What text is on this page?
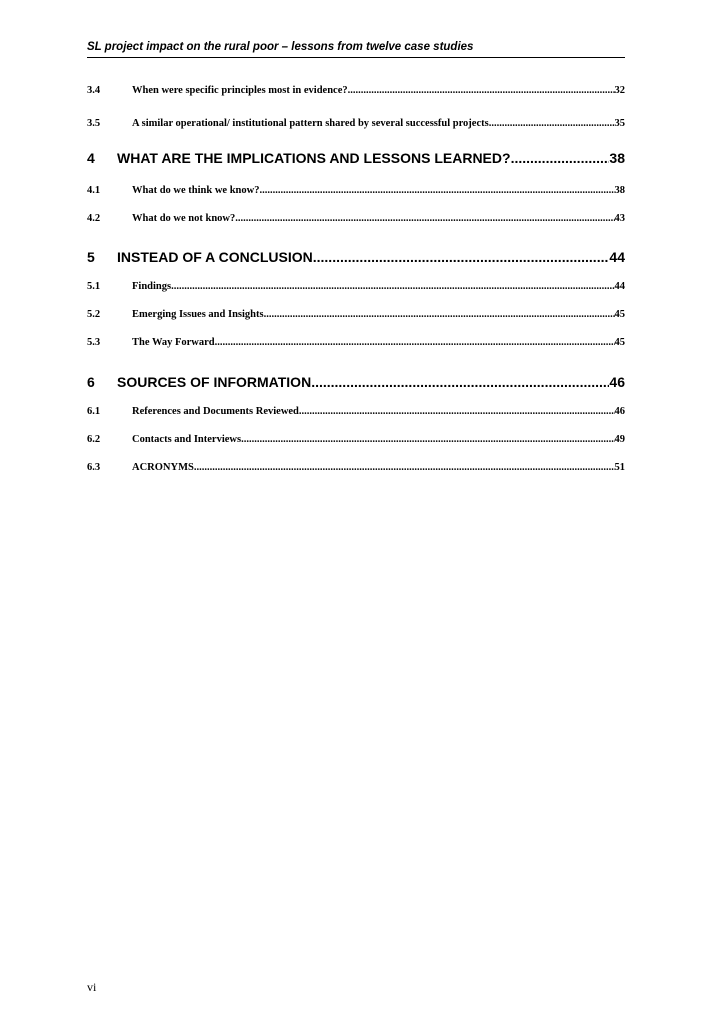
SL project impact on the rural poor – lessons from twelve case studies
3.4	When were specific principles most in evidence? .....	32
3.5	A similar operational/ institutional pattern shared by several successful projects .....	35
4	WHAT ARE THE IMPLICATIONS AND LESSONS LEARNED? .....	38
4.1	What do we think we know? .....	38
4.2	What do we not know? .....	43
5	INSTEAD OF A CONCLUSION .....	44
5.1	Findings .....	44
5.2	Emerging Issues and Insights .....	45
5.3	The Way Forward .....	45
6	SOURCES OF INFORMATION .....	46
6.1	References and Documents Reviewed .....	46
6.2	Contacts and Interviews .....	49
6.3	ACRONYMS .....	51
vi
